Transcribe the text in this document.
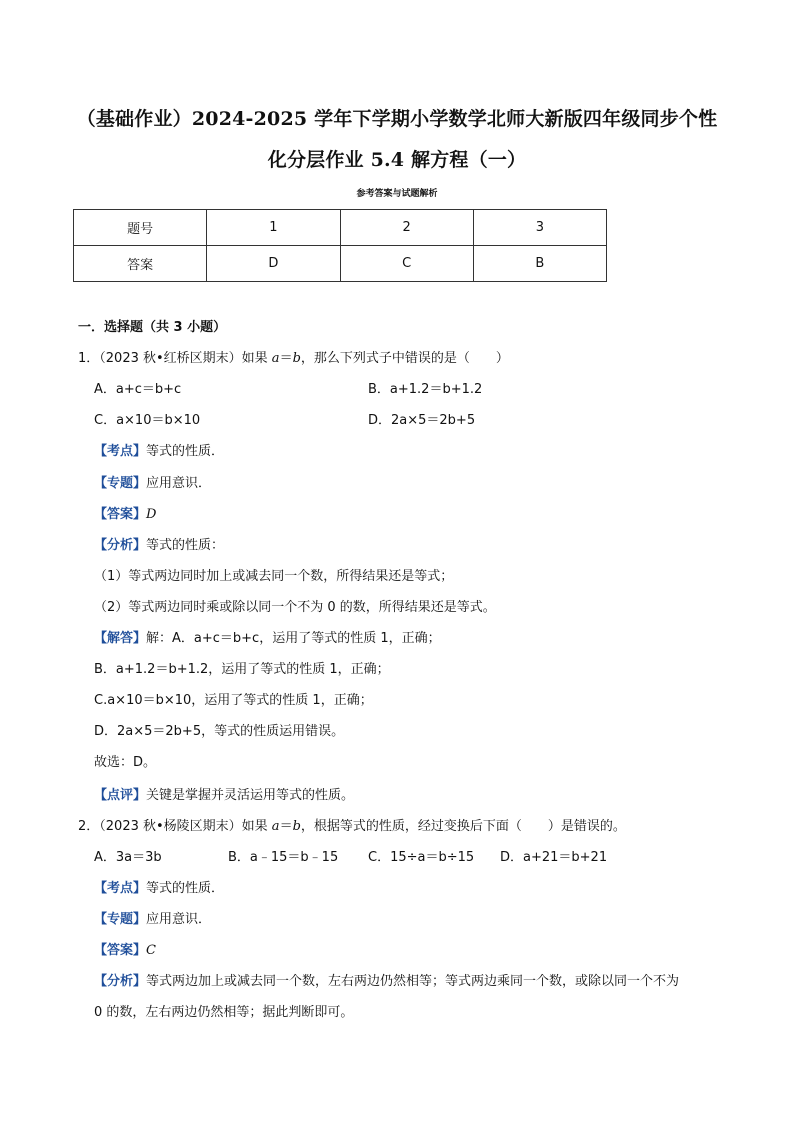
（基础作业）2024-2025 学年下学期小学数学北师大新版四年级同步个性
化分层作业 5.4 解方程（一）
参考答案与试题解析
题号	1	2	3
答案	D	C	B
一．选择题（共 3 小题）
1．（2023 秋•红桥区期末）如果 a＝b，那么下列式子中错误的是（　　）
A．a+c＝b+c	B．a+1.2＝b+1.2
C．a×10＝b×10	D．2a×5＝2b+5
【考点】等式的性质．
【专题】应用意识．
【答案】D
【分析】等式的性质：
（1）等式两边同时加上或减去同一个数，所得结果还是等式；
（2）等式两边同时乘或除以同一个不为 0 的数，所得结果还是等式。
【解答】解：A．a+c＝b+c，运用了等式的性质 1，正确；
B．a+1.2＝b+1.2，运用了等式的性质 1，正确；
C.a×10＝b×10，运用了等式的性质 1，正确；
D．2a×5＝2b+5，等式的性质运用错误。
故选：D。
【点评】关键是掌握并灵活运用等式的性质。
2．（2023 秋•杨陵区期末）如果 a＝b，根据等式的性质，经过变换后下面（　　）是错误的。
A．3a＝3b	B．a﹣15＝b﹣15 C．15÷a＝b÷15 D．a+21＝b+21
【考点】等式的性质．
【专题】应用意识．
【答案】C
【分析】等式两边加上或减去同一个数，左右两边仍然相等；等式两边乘同一个数，或除以同一个不为
0 的数，左右两边仍然相等；据此判断即可。
